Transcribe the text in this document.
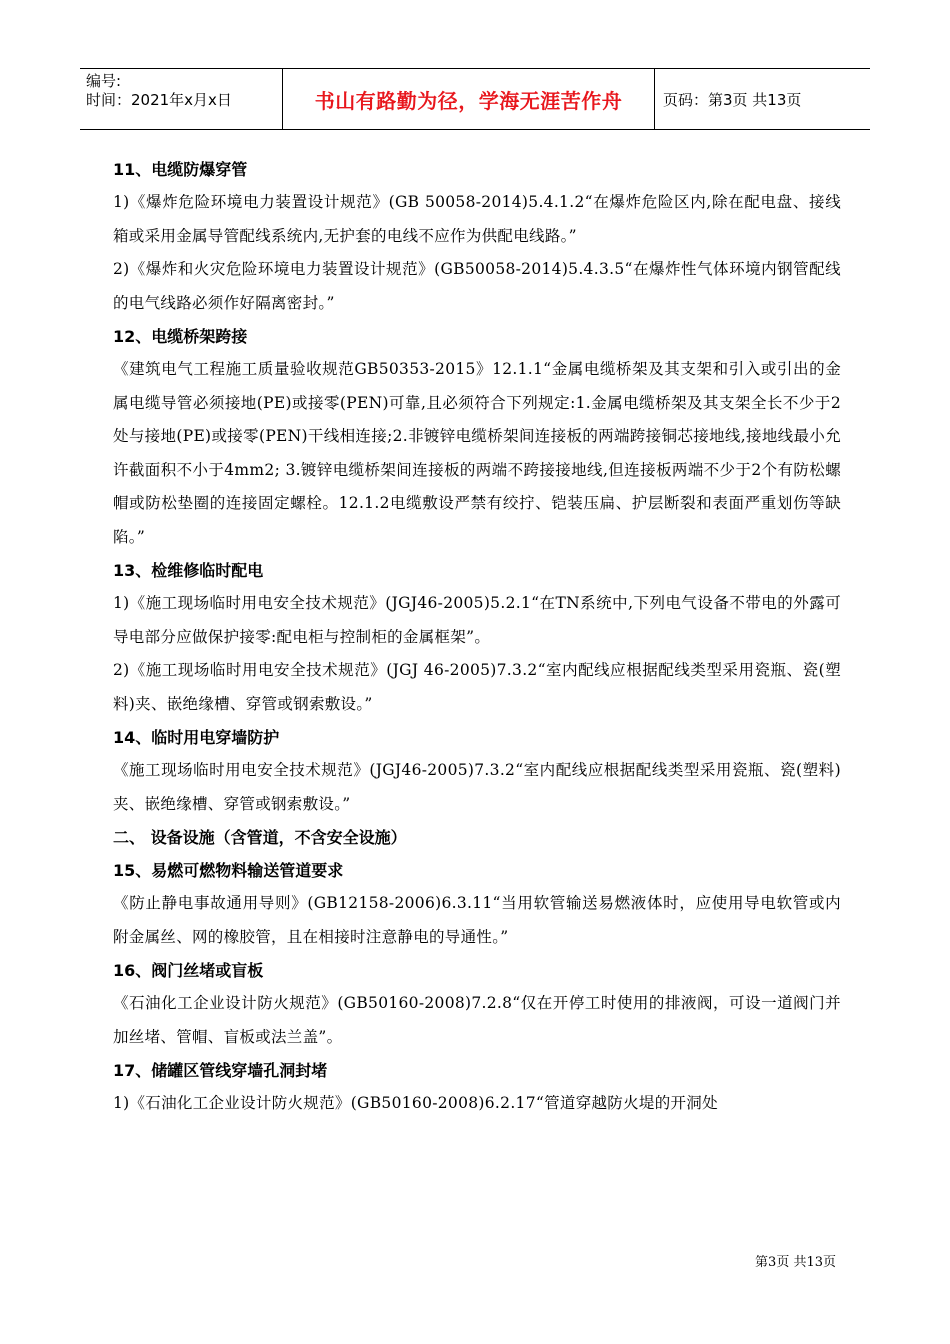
编号:
时间：2021年x月x日	书山有路勤为径，学海无涯苦作舟	页码：第3页 共13页
11、电缆防爆穿管
1)《爆炸危险环境电力装置设计规范》(GB 50058-2014)5.4.1.2“在爆炸危险区内,除在配电盘、接线箱或采用金属导管配线系统内,无护套的电线不应作为供配电线路。”
2)《爆炸和火灾危险环境电力装置设计规范》(GB50058-2014)5.4.3.5“在爆炸性气体环境内钢管配线的电气线路必须作好隔离密封。”
12、电缆桥架跨接
《建筑电气工程施工质量验收规范GB50353-2015》12.1.1“金属电缆桥架及其支架和引入或引出的金属电缆导管必须接地(PE)或接零(PEN)可靠,且必须符合下列规定:1.金属电缆桥架及其支架全长不少于2处与接地(PE)或接零(PEN)干线相连接;2.非镀锌电缆桥架间连接板的两端跨接铜芯接地线,接地线最小允许截面积不小于4mm2; 3.镀锌电缆桥架间连接板的两端不跨接接地线,但连接板两端不少于2个有防松螺帽或防松垫圈的连接固定螺栓。12.1.2电缆敷设严禁有绞拧、铠装压扁、护层断裂和表面严重划伤等缺陷。”
13、检维修临时配电
1)《施工现场临时用电安全技术规范》(JGJ46-2005)5.2.1“在TN系统中,下列电气设备不带电的外露可导电部分应做保护接零:配电柜与控制柜的金属框架”。
2)《施工现场临时用电安全技术规范》(JGJ 46-2005)7.3.2“室内配线应根据配线类型采用瓷瓶、瓷(塑料)夹、嵌绝缘槽、穿管或钢索敷设。”
14、临时用电穿墙防护
《施工现场临时用电安全技术规范》(JGJ46-2005)7.3.2“室内配线应根据配线类型采用瓷瓶、瓷(塑料)夹、嵌绝缘槽、穿管或钢索敷设。”
二、 设备设施（含管道，不含安全设施）
15、易燃可燃物料输送管道要求
《防止静电事故通用导则》(GB12158-2006)6.3.11“当用软管输送易燃液体时，应使用导电软管或内附金属丝、网的橡胶管，且在相接时注意静电的导通性。”
16、阀门丝堵或盲板
《石油化工企业设计防火规范》(GB50160-2008)7.2.8“仅在开停工时使用的排液阀，可设一道阀门并加丝堵、管帽、盲板或法兰盖”。
17、储罐区管线穿墙孔洞封堵
1)《石油化工企业设计防火规范》(GB50160-2008)6.2.17“管道穿越防火堤的开洞处
第3页 共13页
